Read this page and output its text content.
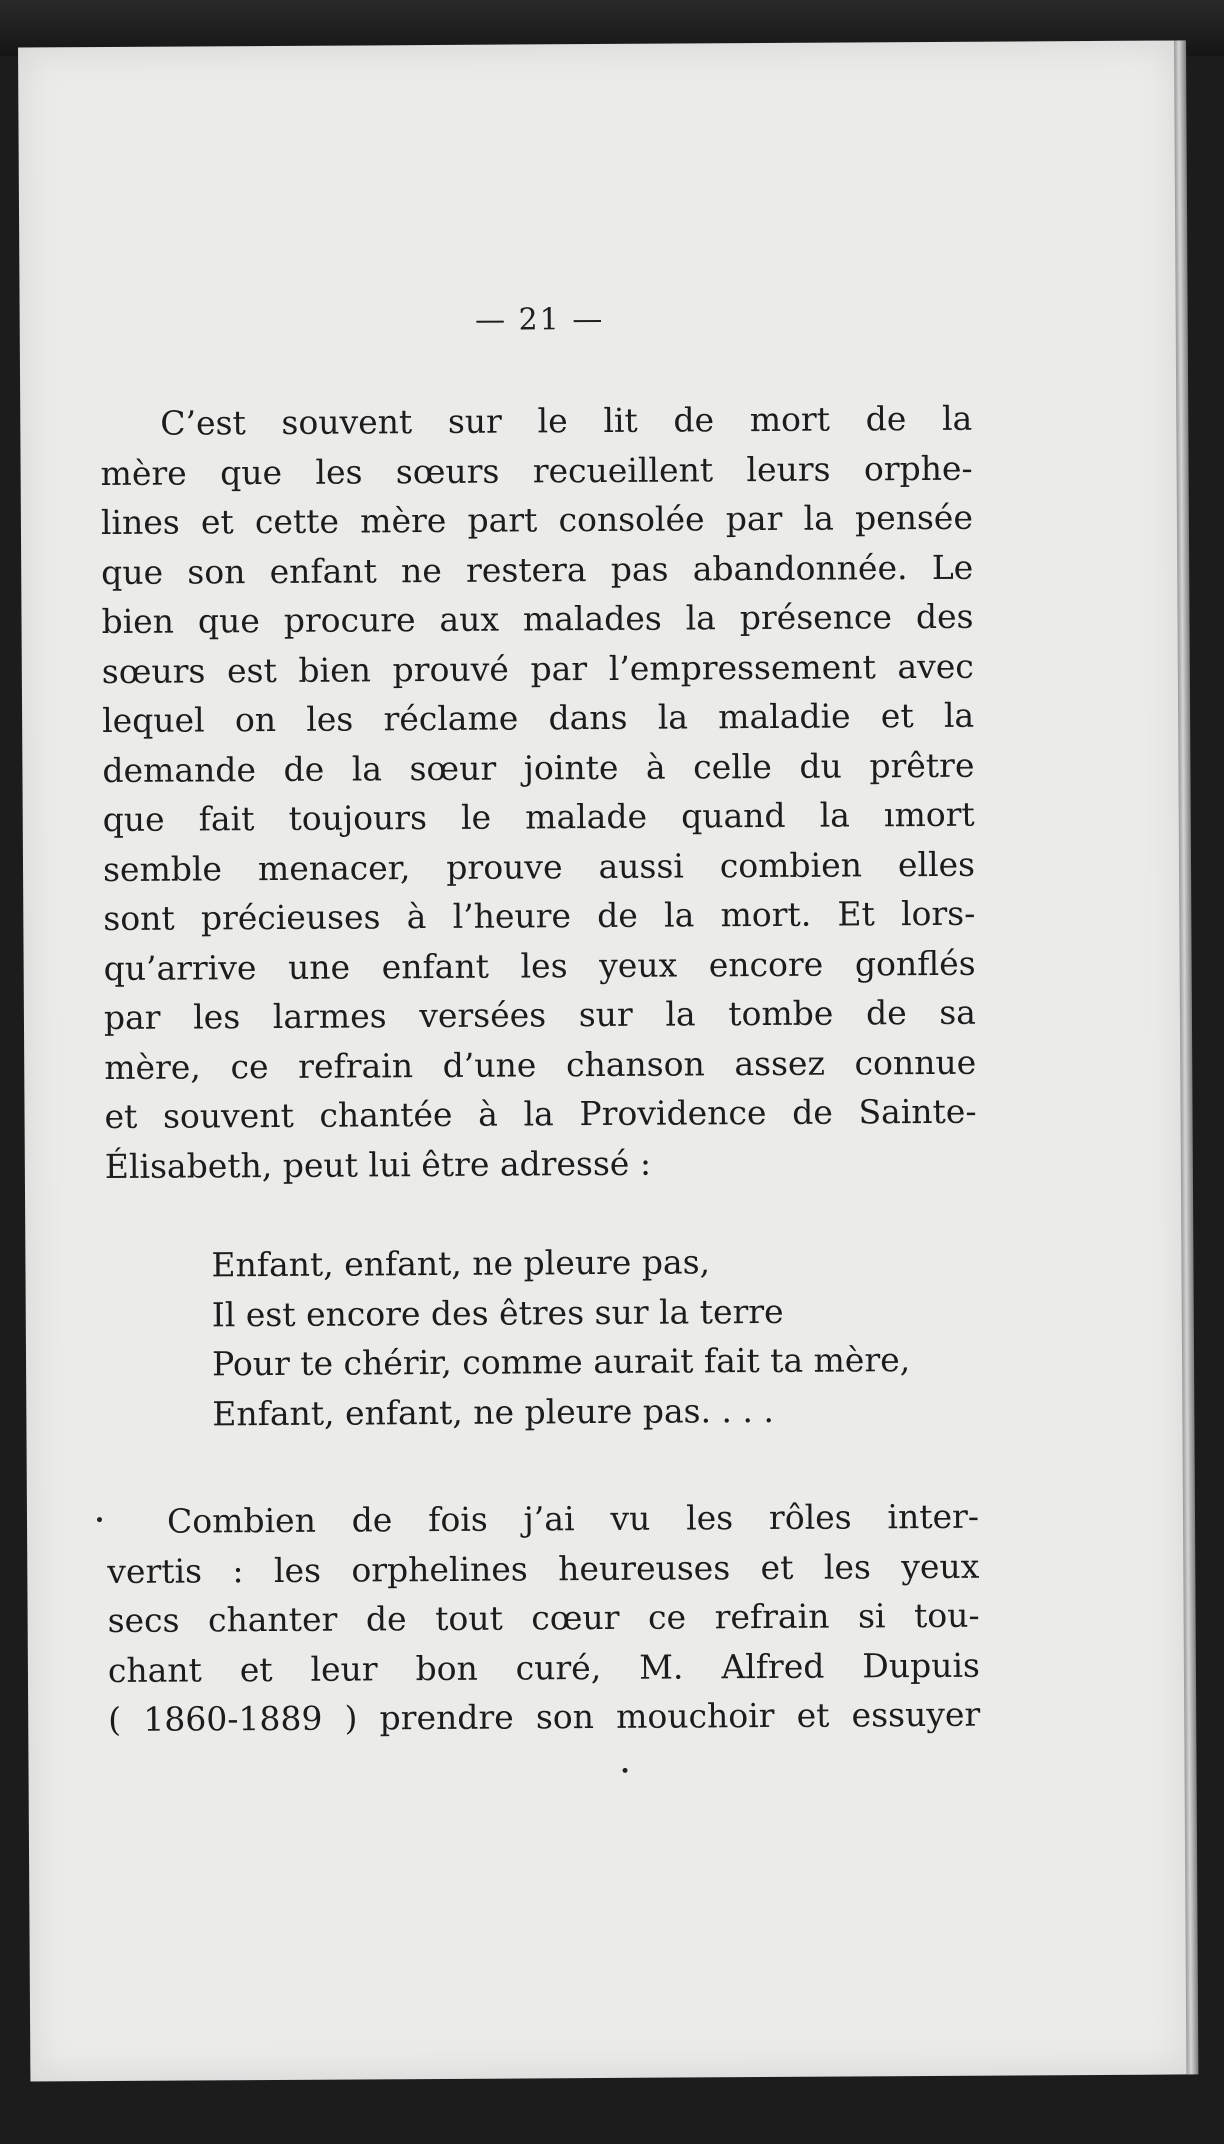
— 21 —
C’est souvent sur le lit de mort de la
mère que les sœurs recueillent leurs orphe-
lines et cette mère part consolée par la pensée
que son enfant ne restera pas abandonnée. Le
bien que procure aux malades la présence des
sœurs est bien prouvé par l’empressement avec
lequel on les réclame dans la maladie et la
demande de la sœur jointe à celle du prêtre
que fait toujours le malade quand la ımort
semble menacer, prouve aussi combien elles
sont précieuses à l’heure de la mort. Et lors-
qu’arrive une enfant les yeux encore gonflés
par les larmes versées sur la tombe de sa
mère, ce refrain d’une chanson assez connue
et souvent chantée à la Providence de Sainte-
Élisabeth, peut lui être adressé :
Enfant, enfant, ne pleure pas,
Il est encore des êtres sur la terre
Pour te chérir, comme aurait fait ta mère,
Enfant, enfant, ne pleure pas. . . .
Combien de fois j’ai vu les rôles inter-
vertis : les orphelines heureuses et les yeux
secs chanter de tout cœur ce refrain si tou-
chant et leur bon curé, M. Alfred Dupuis
( 1860-1889 ) prendre son mouchoir et essuyer
